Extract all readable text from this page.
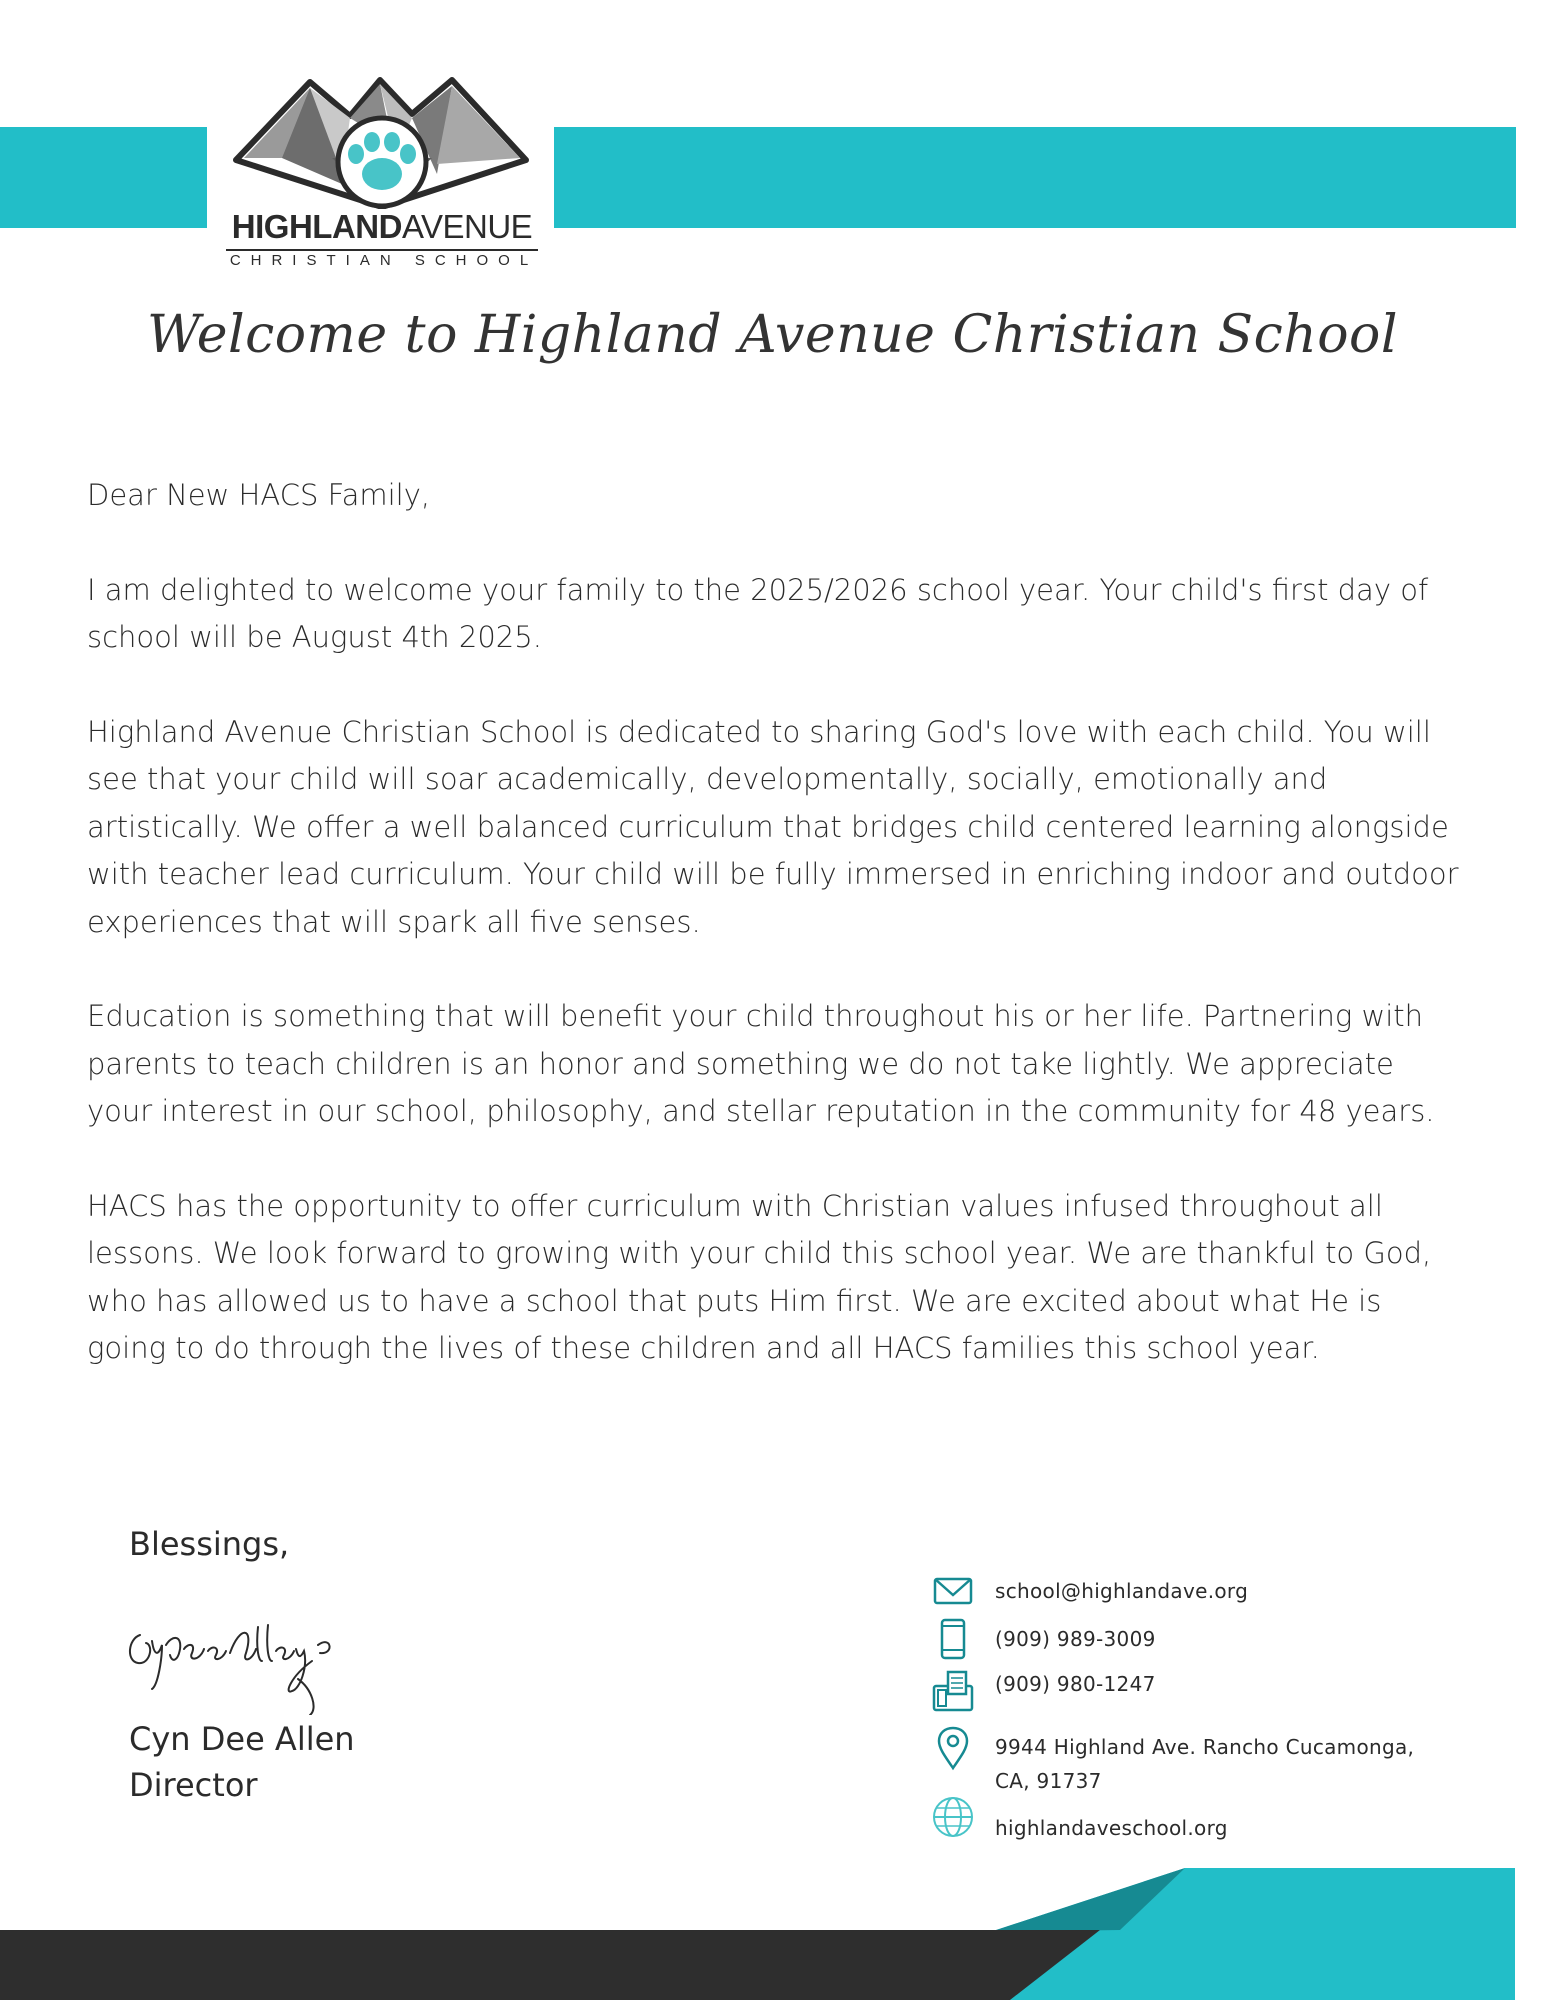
HIGHLANDAVENUE
CHRISTIAN SCHOOL
Welcome to Highland Avenue Christian School

Dear New HACS Family,

I am delighted to welcome your family to the 2025/2026 school year. Your child's first day of school will be August 4th 2025.

Highland Avenue Christian School is dedicated to sharing God's love with each child. You will see that your child will soar academically, developmentally, socially, emotionally and artistically. We offer a well balanced curriculum that bridges child centered learning alongside with teacher lead curriculum. Your child will be fully immersed in enriching indoor and outdoor experiences that will spark all five senses.

Education is something that will benefit your child throughout his or her life. Partnering with parents to teach children is an honor and something we do not take lightly. We appreciate your interest in our school, philosophy, and stellar reputation in the community for 48 years.

HACS has the opportunity to offer curriculum with Christian values infused throughout all lessons. We look forward to growing with your child this school year. We are thankful to God, who has allowed us to have a school that puts Him first. We are excited about what He is going to do through the lives of these children and all HACS families this school year.

Blessings,
Cyn Dee Allen
Director
school@highlandave.org
(909) 989-3009
(909) 980-1247
9944 Highland Ave. Rancho Cucamonga,
CA, 91737
highlandaveschool.org
